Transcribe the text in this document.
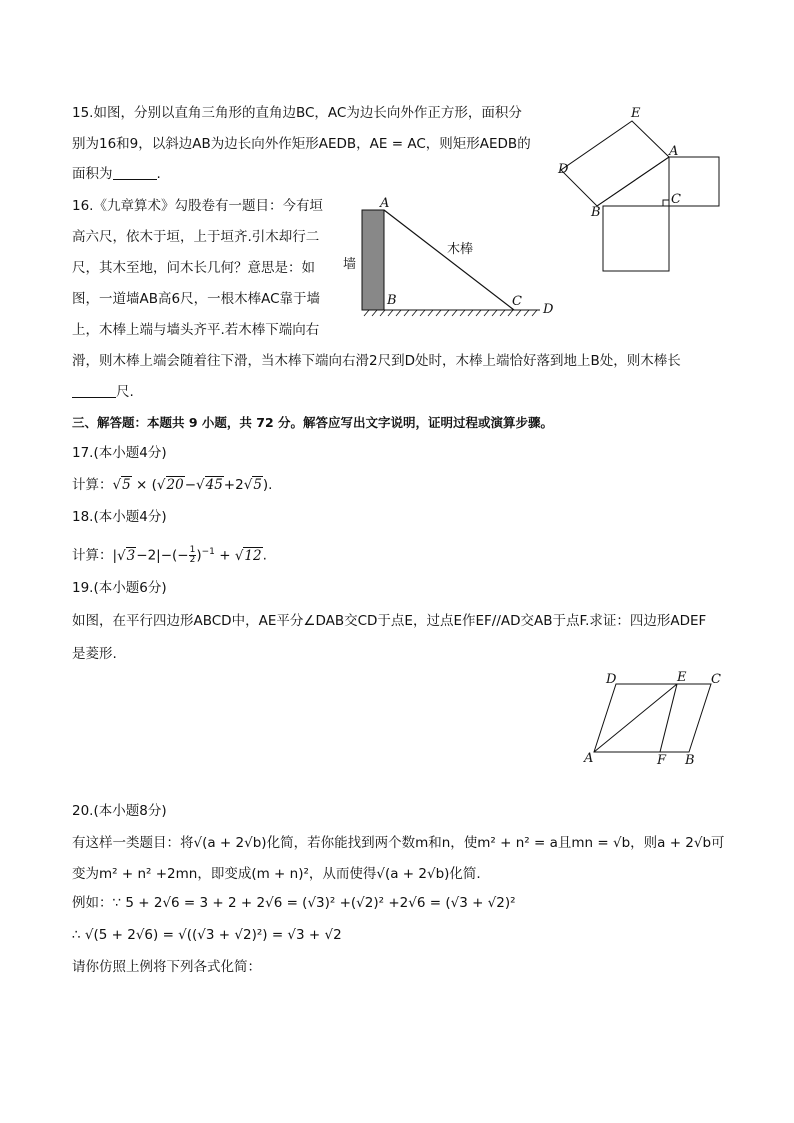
15.如图，分别以直角三角形的直角边BC，AC为边长向外作正方形，面积分
别为16和9，以斜边AB为边长向外作矩形AEDB，AE = AC，则矩形AEDB的
面积为	.
E
A
D
B
C
16.《九章算术》勾股卷有一题目：今有垣
高六尺，依木于垣，上于垣齐.引木却行二
尺，其木至地，问木长几何？意思是：如
图，一道墙AB高6尺，一根木棒AC靠于墙
上，木棒上端与墙头齐平.若木棒下端向右
滑，则木棒上端会随着往下滑，当木棒下端向右滑2尺到D处时，木棒上端恰好落到地上B处，则木棒长
尺.
A
B	C
D
墙
木棒
三、解答题：本题共 9 小题，共 72 分。解答应写出文字说明，证明过程或演算步骤。
17.(本小题4分)
计算：√5 × (√20−√45+2√5).
18.(本小题4分)
计算：$|√3-2|-(- \frac{1}{2} )^{-1} + √12$.
19.(本小题6分)
如图，在平行四边形ABCD中，AE平分∠DAB交CD于点E，过点E作EF//AD交AB于点F.求证：四边形ADEF
是菱形.
D	E C
A	F B
20.(本小题8分)
有这样一类题目：将√(a + 2√b)化简，若你能找到两个数m和n，使m² + n² = a且mn = √b，则a + 2√b可
变为m² + n² +2mn，即变成(m + n)²，从而使得√(a + 2√b)化简.
例如：∵ 5 + 2√6 = 3 + 2 + 2√6 = (√3)² +(√2)² +2√6 = (√3 + √2)²
∴ √(5 + 2√6) = √((√3 + √2)²) = √3 + √2
请你仿照上例将下列各式化简：
